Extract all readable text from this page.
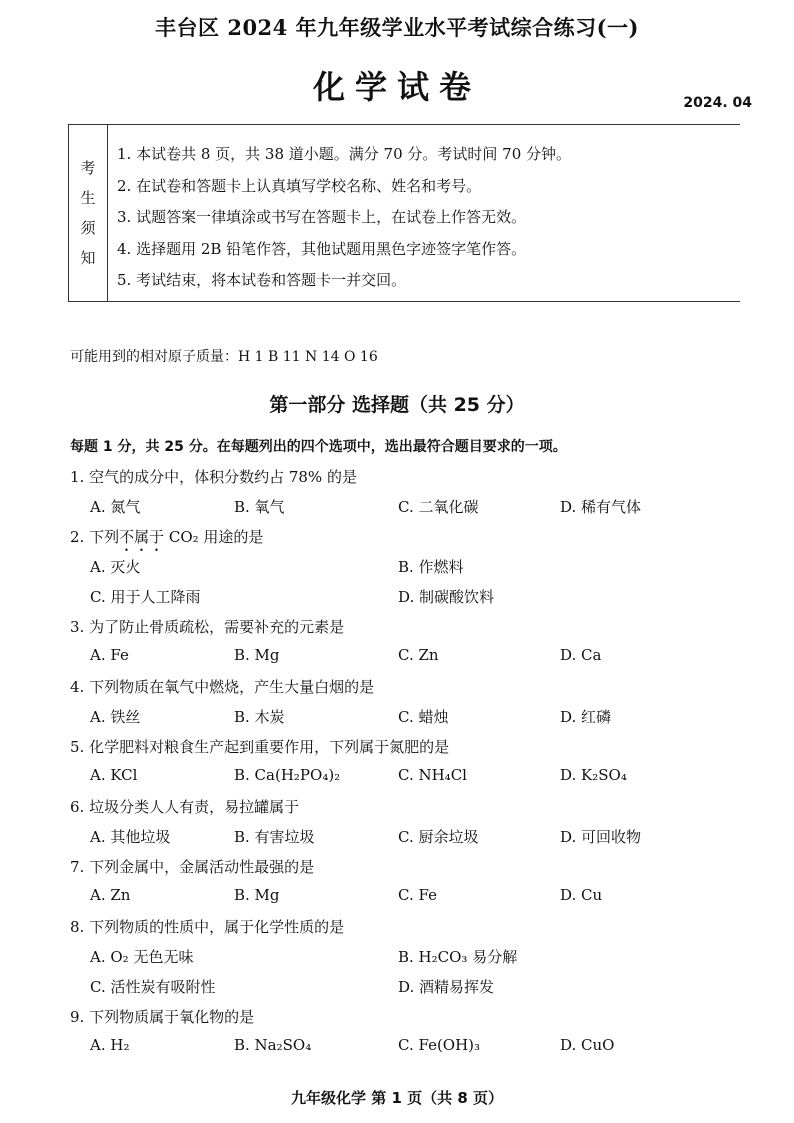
丰台区 2024 年九年级学业水平考试综合练习(一)
化学试卷	2024. 04
考
生
须
知
1. 本试卷共 8 页，共 38 道小题。满分 70 分。考试时间 70 分钟。
2. 在试卷和答题卡上认真填写学校名称、姓名和考号。
3. 试题答案一律填涂或书写在答题卡上，在试卷上作答无效。
4. 选择题用 2B 铅笔作答，其他试题用黑色字迹签字笔作答。
5. 考试结束，将本试卷和答题卡一并交回。
可能用到的相对原子质量：H 1 B 11 N 14 O 16
第一部分 选择题（共 25 分）
每题 1 分，共 25 分。在每题列出的四个选项中，选出最符合题目要求的一项。
1. 空气的成分中，体积分数约占 78% 的是
A. 氮气	B. 氧气	C. 二氧化碳	D. 稀有气体
2. 下列不属于 CO₂ 用途的是
A. 灭火	B. 作燃料
C. 用于人工降雨	D. 制碳酸饮料
3. 为了防止骨质疏松，需要补充的元素是
A. Fe	B. Mg	C. Zn	D. Ca
4. 下列物质在氧气中燃烧，产生大量白烟的是
A. 铁丝	B. 木炭	C. 蜡烛	D. 红磷
5. 化学肥料对粮食生产起到重要作用，下列属于氮肥的是
A. KCl	B. Ca(H₂PO₄)₂	C. NH₄Cl	D. K₂SO₄
6. 垃圾分类人人有责，易拉罐属于
A. 其他垃圾	B. 有害垃圾	C. 厨余垃圾	D. 可回收物
7. 下列金属中，金属活动性最强的是
A. Zn	B. Mg	C. Fe	D. Cu
8. 下列物质的性质中，属于化学性质的是
A. O₂ 无色无味	B. H₂CO₃ 易分解
C. 活性炭有吸附性	D. 酒精易挥发
9. 下列物质属于氧化物的是
A. H₂	B. Na₂SO₄	C. Fe(OH)₃	D. CuO
九年级化学 第 1 页（共 8 页）
